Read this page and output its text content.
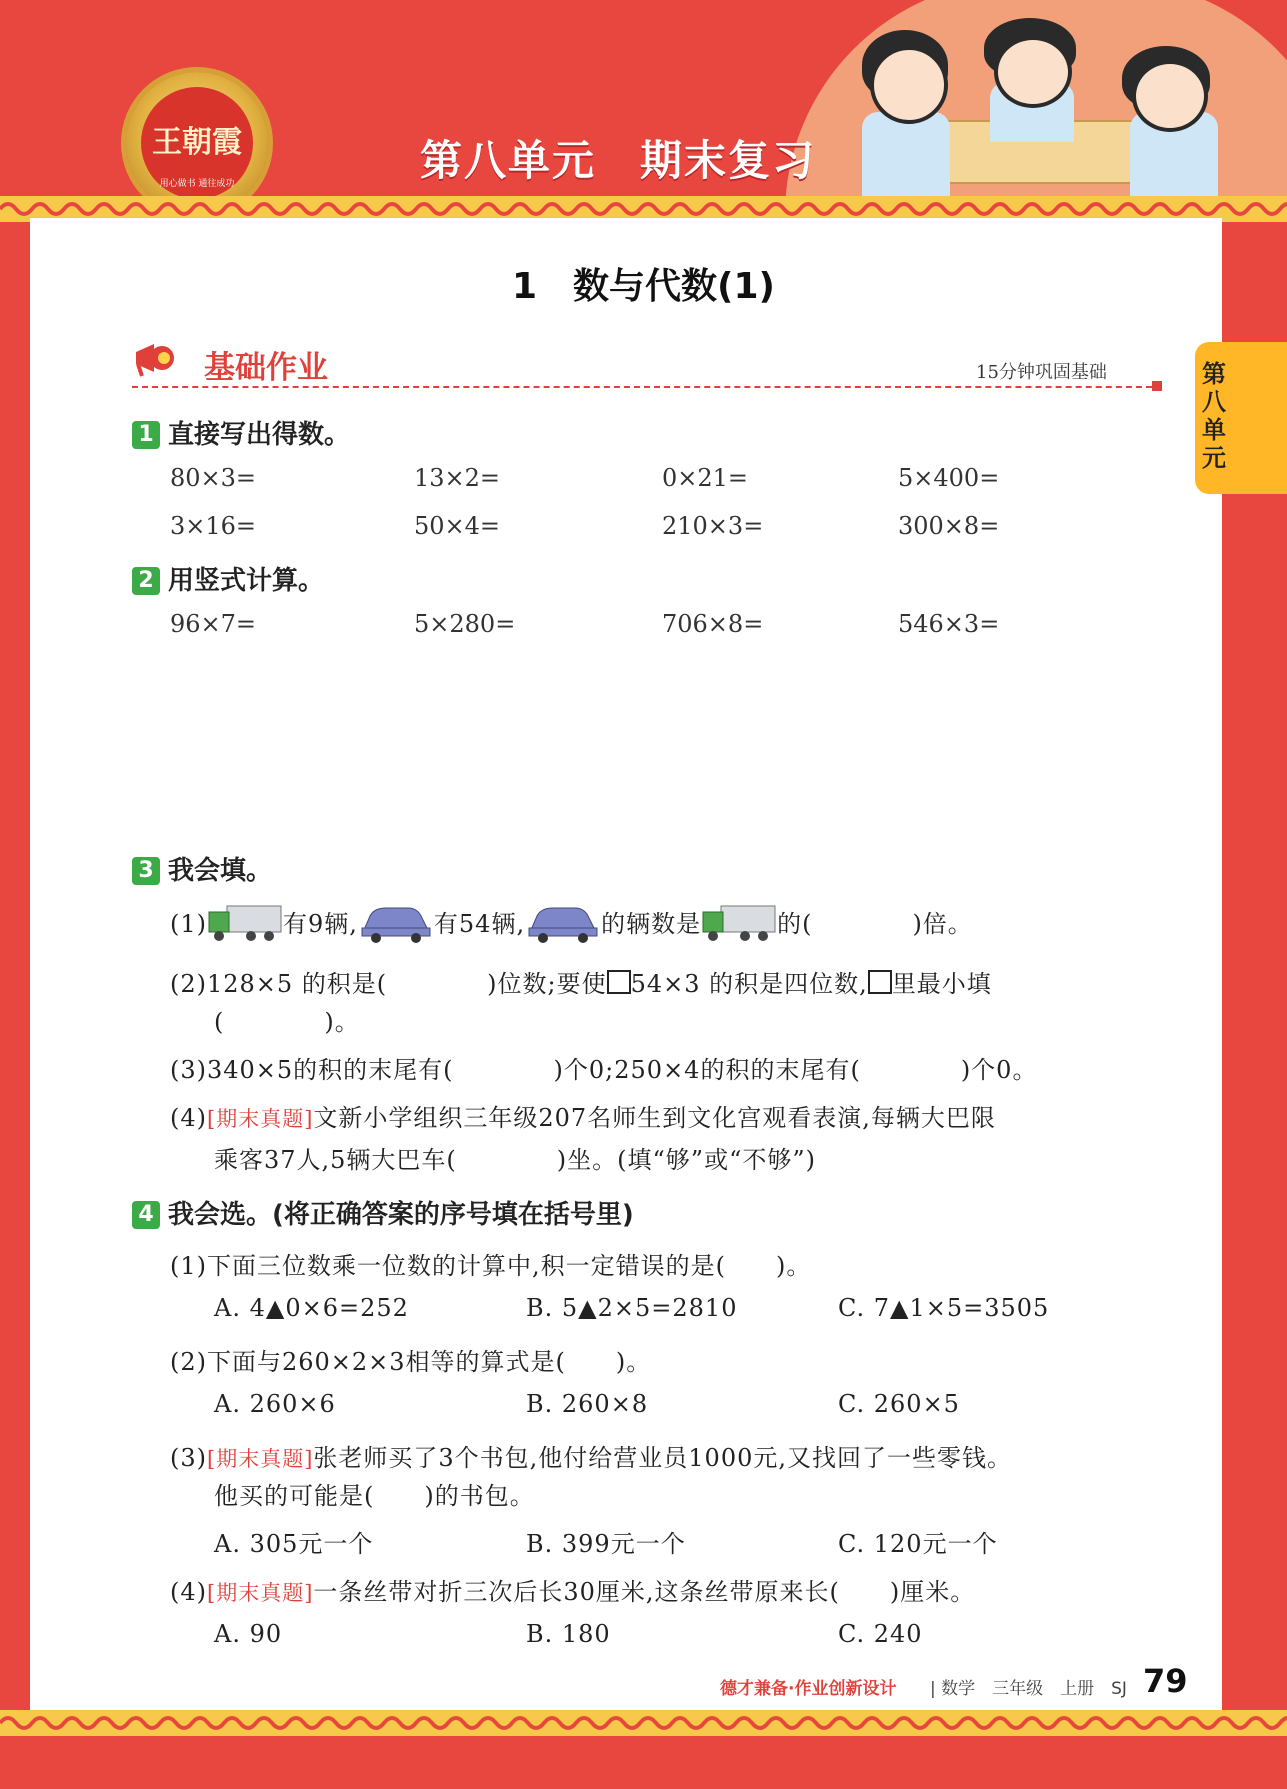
王朝霞
用心做书 通往成功	第八单元　期末复习
第八单元
1　数与代数(1)
基础作业	15分钟巩固基础
1 直接写出得数。
80×3=	13×2=	0×21=	5×400=
3×16=	50×4=	210×3=	300×8=
2 用竖式计算。
96×7=	5×280=	706×8=	546×3=
3 我会填。
(1)	有9辆,	有54辆,	的辆数是	的(　　　　)倍。
(2)128×5 的积是(　　　　)位数;要使 54×3 的积是四位数, 里最小填
(　　　　)。
(3)340×5的积的末尾有(　　　　)个0;250×4的积的末尾有(　　　　)个0。
(4)[期末真题]文新小学组织三年级207名师生到文化宫观看表演,每辆大巴限
乘客37人,5辆大巴车(　　　　)坐。(填“够”或“不够”)
4 我会选。(将正确答案的序号填在括号里)
(1)下面三位数乘一位数的计算中,积一定错误的是(　　)。
A. 4▲0×6=252	B. 5▲2×5=2810	C. 7▲1×5=3505
(2)下面与260×2×3相等的算式是(　　)。
A. 260×6	B. 260×8	C. 260×5
(3)[期末真题]张老师买了3个书包,他付给营业员1000元,又找回了一些零钱。
他买的可能是(　　)的书包。
A. 305元一个	B. 399元一个	C. 120元一个
(4)[期末真题]一条丝带对折三次后长30厘米,这条丝带原来长(　　)厘米。
A. 90	B. 180	C. 240
德才兼备·作业创新设计 | 数学　三年级　上册　SJ 79
